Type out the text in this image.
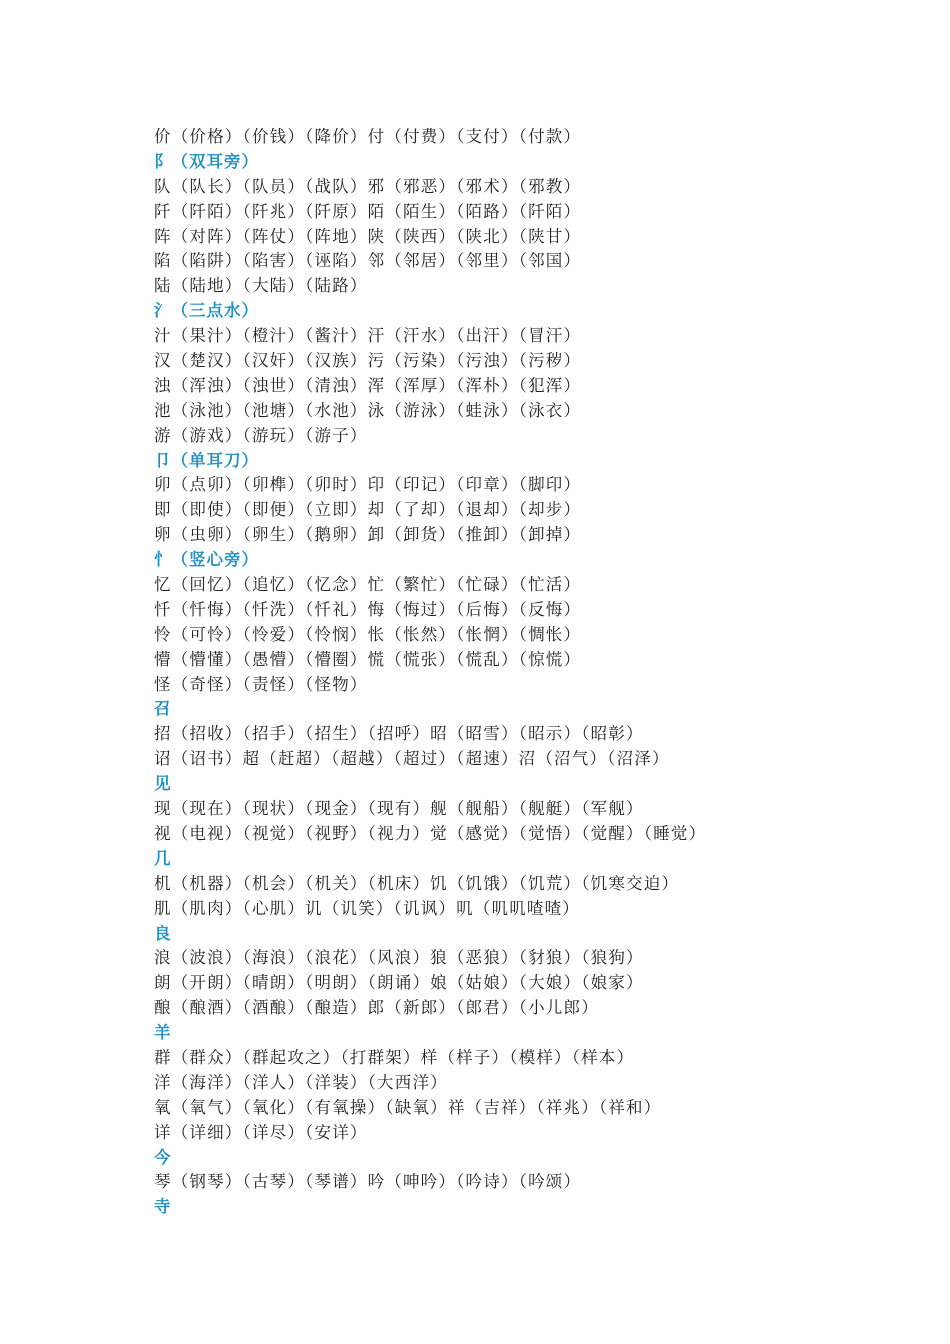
价（价格）（价钱）（降价）付（付费）（支付）（付款）
阝（双耳旁）
队（队长）（队员）（战队）邪（邪恶）（邪术）（邪教）
阡（阡陌）（阡兆）（阡原）陌（陌生）（陌路）（阡陌）
阵（对阵）（阵仗）（阵地）陕（陕西）（陕北）（陕甘）
陷（陷阱）（陷害）（诬陷）邻（邻居）（邻里）（邻国）
陆（陆地）（大陆）（陆路）
氵（三点水）
汁（果汁）（橙汁）（酱汁）汗（汗水）（出汗）（冒汗）
汉（楚汉）（汉奸）（汉族）污（污染）（污浊）（污秽）
浊（浑浊）（浊世）（清浊）浑（浑厚）（浑朴）（犯浑）
池（泳池）（池塘）（水池）泳（游泳）（蛙泳）（泳衣）
游（游戏）（游玩）（游子）
卩（单耳刀）
卯（点卯）（卯榫）（卯时）印（印记）（印章）（脚印）
即（即使）（即便）（立即）却（了却）（退却）（却步）
卵（虫卵）（卵生）（鹅卵）卸（卸货）（推卸）（卸掉）
忄（竖心旁）
忆（回忆）（追忆）（忆念）忙（繁忙）（忙碌）（忙活）
忏（忏悔）（忏洗）（忏礼）悔（悔过）（后悔）（反悔）
怜（可怜）（怜爱）（怜悯）怅（怅然）（怅惘）（惆怅）
懵（懵懂）（愚懵）（懵圈）慌（慌张）（慌乱）（惊慌）
怪（奇怪）（责怪）（怪物）
召
招（招收）（招手）（招生）（招呼）昭（昭雪）（昭示）（昭彰）
诏（诏书）超（赶超）（超越）（超过）（超速）沼（沼气）（沼泽）
见
现（现在）（现状）（现金）（现有）舰（舰船）（舰艇）（军舰）
视（电视）（视觉）（视野）（视力）觉（感觉）（觉悟）（觉醒）（睡觉）
几
机（机器）（机会）（机关）（机床）饥（饥饿）（饥荒）（饥寒交迫）
肌（肌肉）（心肌）讥（讥笑）（讥讽）叽（叽叽喳喳）
良
浪（波浪）（海浪）（浪花）（风浪）狼（恶狼）（豺狼）（狼狗）
朗（开朗）（晴朗）（明朗）（朗诵）娘（姑娘）（大娘）（娘家）
酿（酿酒）（酒酿）（酿造）郎（新郎）（郎君）（小儿郎）
羊
群（群众）（群起攻之）（打群架）样（样子）（模样）（样本）
洋（海洋）（洋人）（洋装）（大西洋）
氧（氧气）（氧化）（有氧操）（缺氧）祥（吉祥）（祥兆）（祥和）
详（详细）（详尽）（安详）
今
琴（钢琴）（古琴）（琴谱）吟（呻吟）（吟诗）（吟颂）
寺
